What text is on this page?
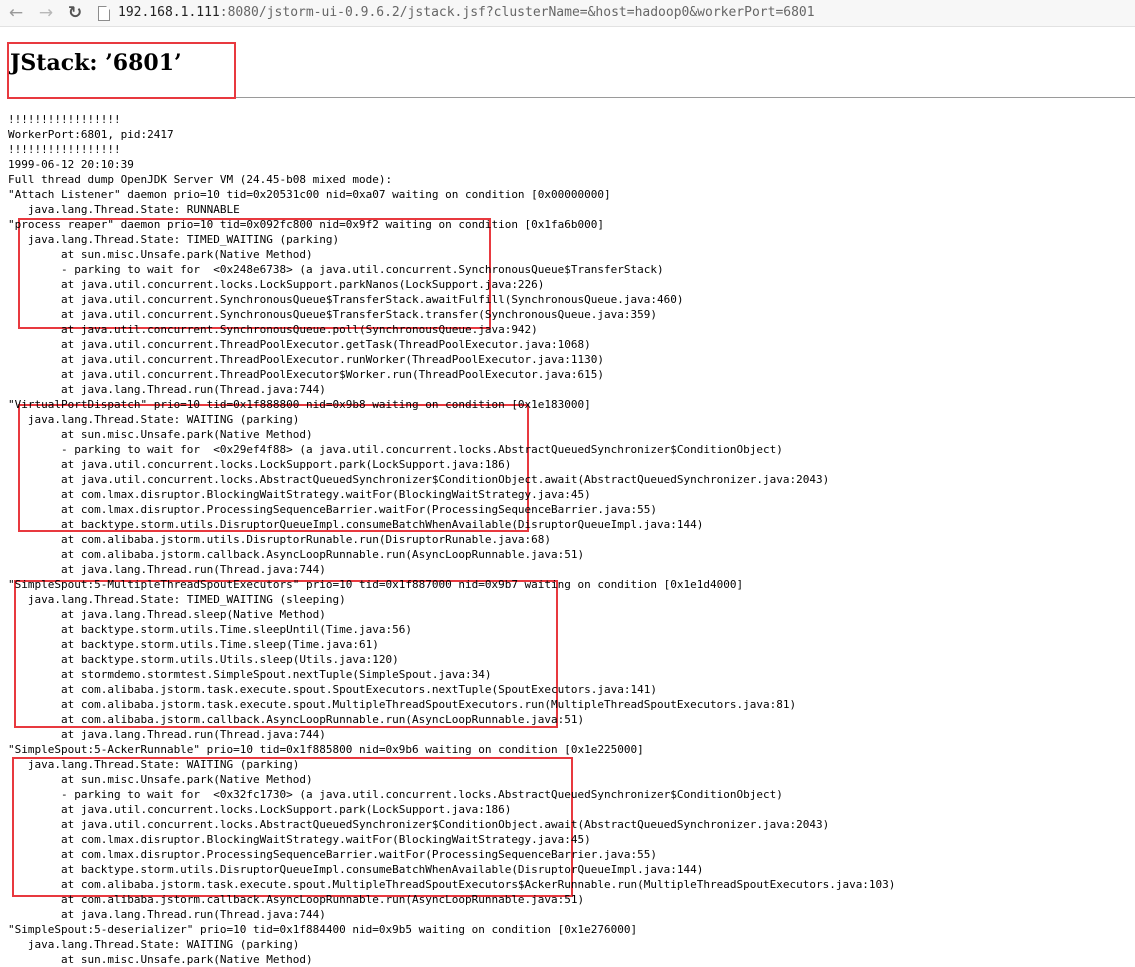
← → ↻	192.168.1.111:8080/jstorm-ui-0.9.6.2/jstack.jsf?clusterName=&host=hadoop0&workerPort=6801
JStack: ’6801’
!!!!!!!!!!!!!!!!!
WorkerPort:6801, pid:2417
!!!!!!!!!!!!!!!!!
1999-06-12 20:10:39
Full thread dump OpenJDK Server VM (24.45-b08 mixed mode):
"Attach Listener" daemon prio=10 tid=0x20531c00 nid=0xa07 waiting on condition [0x00000000]
java.lang.Thread.State: RUNNABLE
"process reaper" daemon prio=10 tid=0x092fc800 nid=0x9f2 waiting on condition [0x1fa6b000]
java.lang.Thread.State: TIMED_WAITING (parking)
at sun.misc.Unsafe.park(Native Method)
- parking to wait for  <0x248e6738> (a java.util.concurrent.SynchronousQueue$TransferStack)
at java.util.concurrent.locks.LockSupport.parkNanos(LockSupport.java:226)
at java.util.concurrent.SynchronousQueue$TransferStack.awaitFulfill(SynchronousQueue.java:460)
at java.util.concurrent.SynchronousQueue$TransferStack.transfer(SynchronousQueue.java:359)
at java.util.concurrent.SynchronousQueue.poll(SynchronousQueue.java:942)
at java.util.concurrent.ThreadPoolExecutor.getTask(ThreadPoolExecutor.java:1068)
at java.util.concurrent.ThreadPoolExecutor.runWorker(ThreadPoolExecutor.java:1130)
at java.util.concurrent.ThreadPoolExecutor$Worker.run(ThreadPoolExecutor.java:615)
at java.lang.Thread.run(Thread.java:744)
"VirtualPortDispatch" prio=10 tid=0x1f888800 nid=0x9b8 waiting on condition [0x1e183000]
java.lang.Thread.State: WAITING (parking)
at sun.misc.Unsafe.park(Native Method)
- parking to wait for  <0x29ef4f88> (a java.util.concurrent.locks.AbstractQueuedSynchronizer$ConditionObject)
at java.util.concurrent.locks.LockSupport.park(LockSupport.java:186)
at java.util.concurrent.locks.AbstractQueuedSynchronizer$ConditionObject.await(AbstractQueuedSynchronizer.java:2043)
at com.lmax.disruptor.BlockingWaitStrategy.waitFor(BlockingWaitStrategy.java:45)
at com.lmax.disruptor.ProcessingSequenceBarrier.waitFor(ProcessingSequenceBarrier.java:55)
at backtype.storm.utils.DisruptorQueueImpl.consumeBatchWhenAvailable(DisruptorQueueImpl.java:144)
at com.alibaba.jstorm.utils.DisruptorRunable.run(DisruptorRunable.java:68)
at com.alibaba.jstorm.callback.AsyncLoopRunnable.run(AsyncLoopRunnable.java:51)
at java.lang.Thread.run(Thread.java:744)
"SimpleSpout:5-MultipleThreadSpoutExecutors" prio=10 tid=0x1f887000 nid=0x9b7 waiting on condition [0x1e1d4000]
java.lang.Thread.State: TIMED_WAITING (sleeping)
at java.lang.Thread.sleep(Native Method)
at backtype.storm.utils.Time.sleepUntil(Time.java:56)
at backtype.storm.utils.Time.sleep(Time.java:61)
at backtype.storm.utils.Utils.sleep(Utils.java:120)
at stormdemo.stormtest.SimpleSpout.nextTuple(SimpleSpout.java:34)
at com.alibaba.jstorm.task.execute.spout.SpoutExecutors.nextTuple(SpoutExecutors.java:141)
at com.alibaba.jstorm.task.execute.spout.MultipleThreadSpoutExecutors.run(MultipleThreadSpoutExecutors.java:81)
at com.alibaba.jstorm.callback.AsyncLoopRunnable.run(AsyncLoopRunnable.java:51)
at java.lang.Thread.run(Thread.java:744)
"SimpleSpout:5-AckerRunnable" prio=10 tid=0x1f885800 nid=0x9b6 waiting on condition [0x1e225000]
java.lang.Thread.State: WAITING (parking)
at sun.misc.Unsafe.park(Native Method)
- parking to wait for  <0x32fc1730> (a java.util.concurrent.locks.AbstractQueuedSynchronizer$ConditionObject)
at java.util.concurrent.locks.LockSupport.park(LockSupport.java:186)
at java.util.concurrent.locks.AbstractQueuedSynchronizer$ConditionObject.await(AbstractQueuedSynchronizer.java:2043)
at com.lmax.disruptor.BlockingWaitStrategy.waitFor(BlockingWaitStrategy.java:45)
at com.lmax.disruptor.ProcessingSequenceBarrier.waitFor(ProcessingSequenceBarrier.java:55)
at backtype.storm.utils.DisruptorQueueImpl.consumeBatchWhenAvailable(DisruptorQueueImpl.java:144)
at com.alibaba.jstorm.task.execute.spout.MultipleThreadSpoutExecutors$AckerRunnable.run(MultipleThreadSpoutExecutors.java:103)
at com.alibaba.jstorm.callback.AsyncLoopRunnable.run(AsyncLoopRunnable.java:51)
at java.lang.Thread.run(Thread.java:744)
"SimpleSpout:5-deserializer" prio=10 tid=0x1f884400 nid=0x9b5 waiting on condition [0x1e276000]
java.lang.Thread.State: WAITING (parking)
at sun.misc.Unsafe.park(Native Method)
